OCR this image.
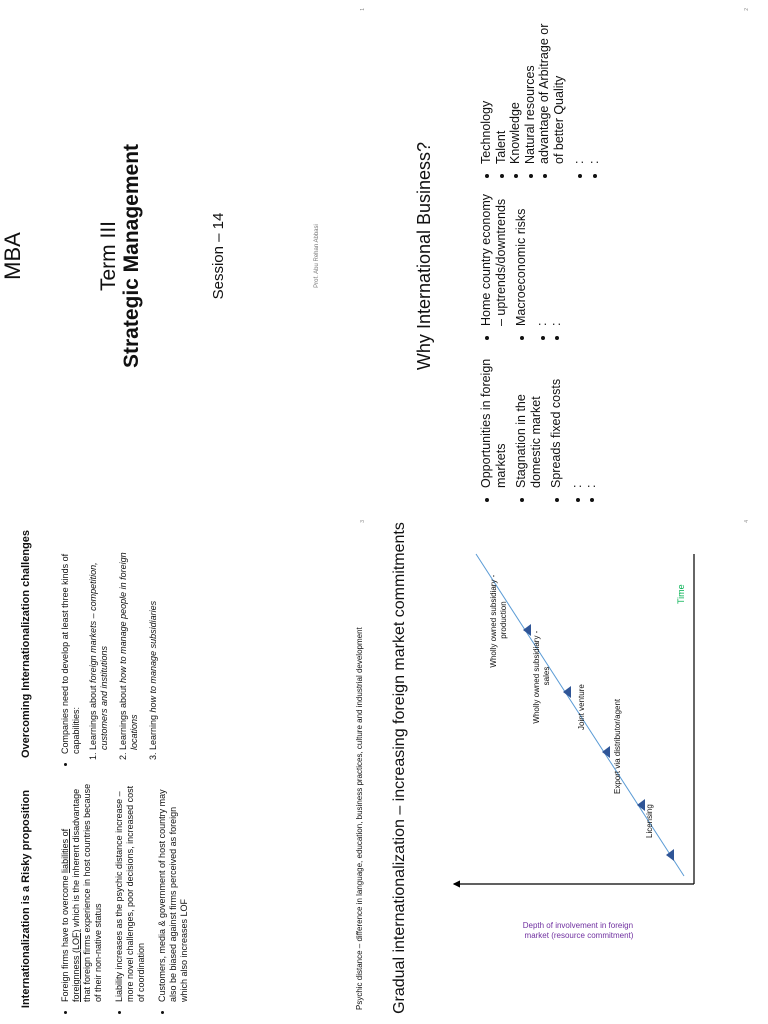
MBA	Term III Strategic Management	Session – 14	Prof. Abu Rehan Abbasi
1
Why International Business?
• Opportunities in foreign markets • Stagnation in the domestic market • Spreads fixed costs • : • :
• Home country economy – uptrends/downtrends • Macroeconomic risks • : • :
• Technology • Talent • Knowledge • Natural resources • advantage of Arbitrage or of better Quality • : • :
2
Internationalization is a Risky proposition	• Foreign firms have to overcome liabilities of foreignness (LOF) which is the inherent disadvantage that foreign firms experience in host countries because of their non-native status • Liability increases as the psychic distance increase – more novel challenges, poor decisions, increased cost of coordination • Customers, media & government of host country may also be biased against firms perceived as foreign which also increases LOF
Overcoming Internationalization challenges	• Companies need to develop at least three kinds of capabilities: 1. Learnings about foreign markets – competition, customers and institutions 2. Learnings about how to manage people in foreign locations 3. Learning how to manage subsidiaries	Psychic distance – difference in language, education, business practices, culture and industrial development
3
Gradual internationalization – increasing foreign market commitments	Depth of involvement in foreign market (resource commitment)
Time
Licensing
Export via distributor/agent
Joint venture
Wholly owned subsidiary - sales
Wholly owned subsidiary - production
4
